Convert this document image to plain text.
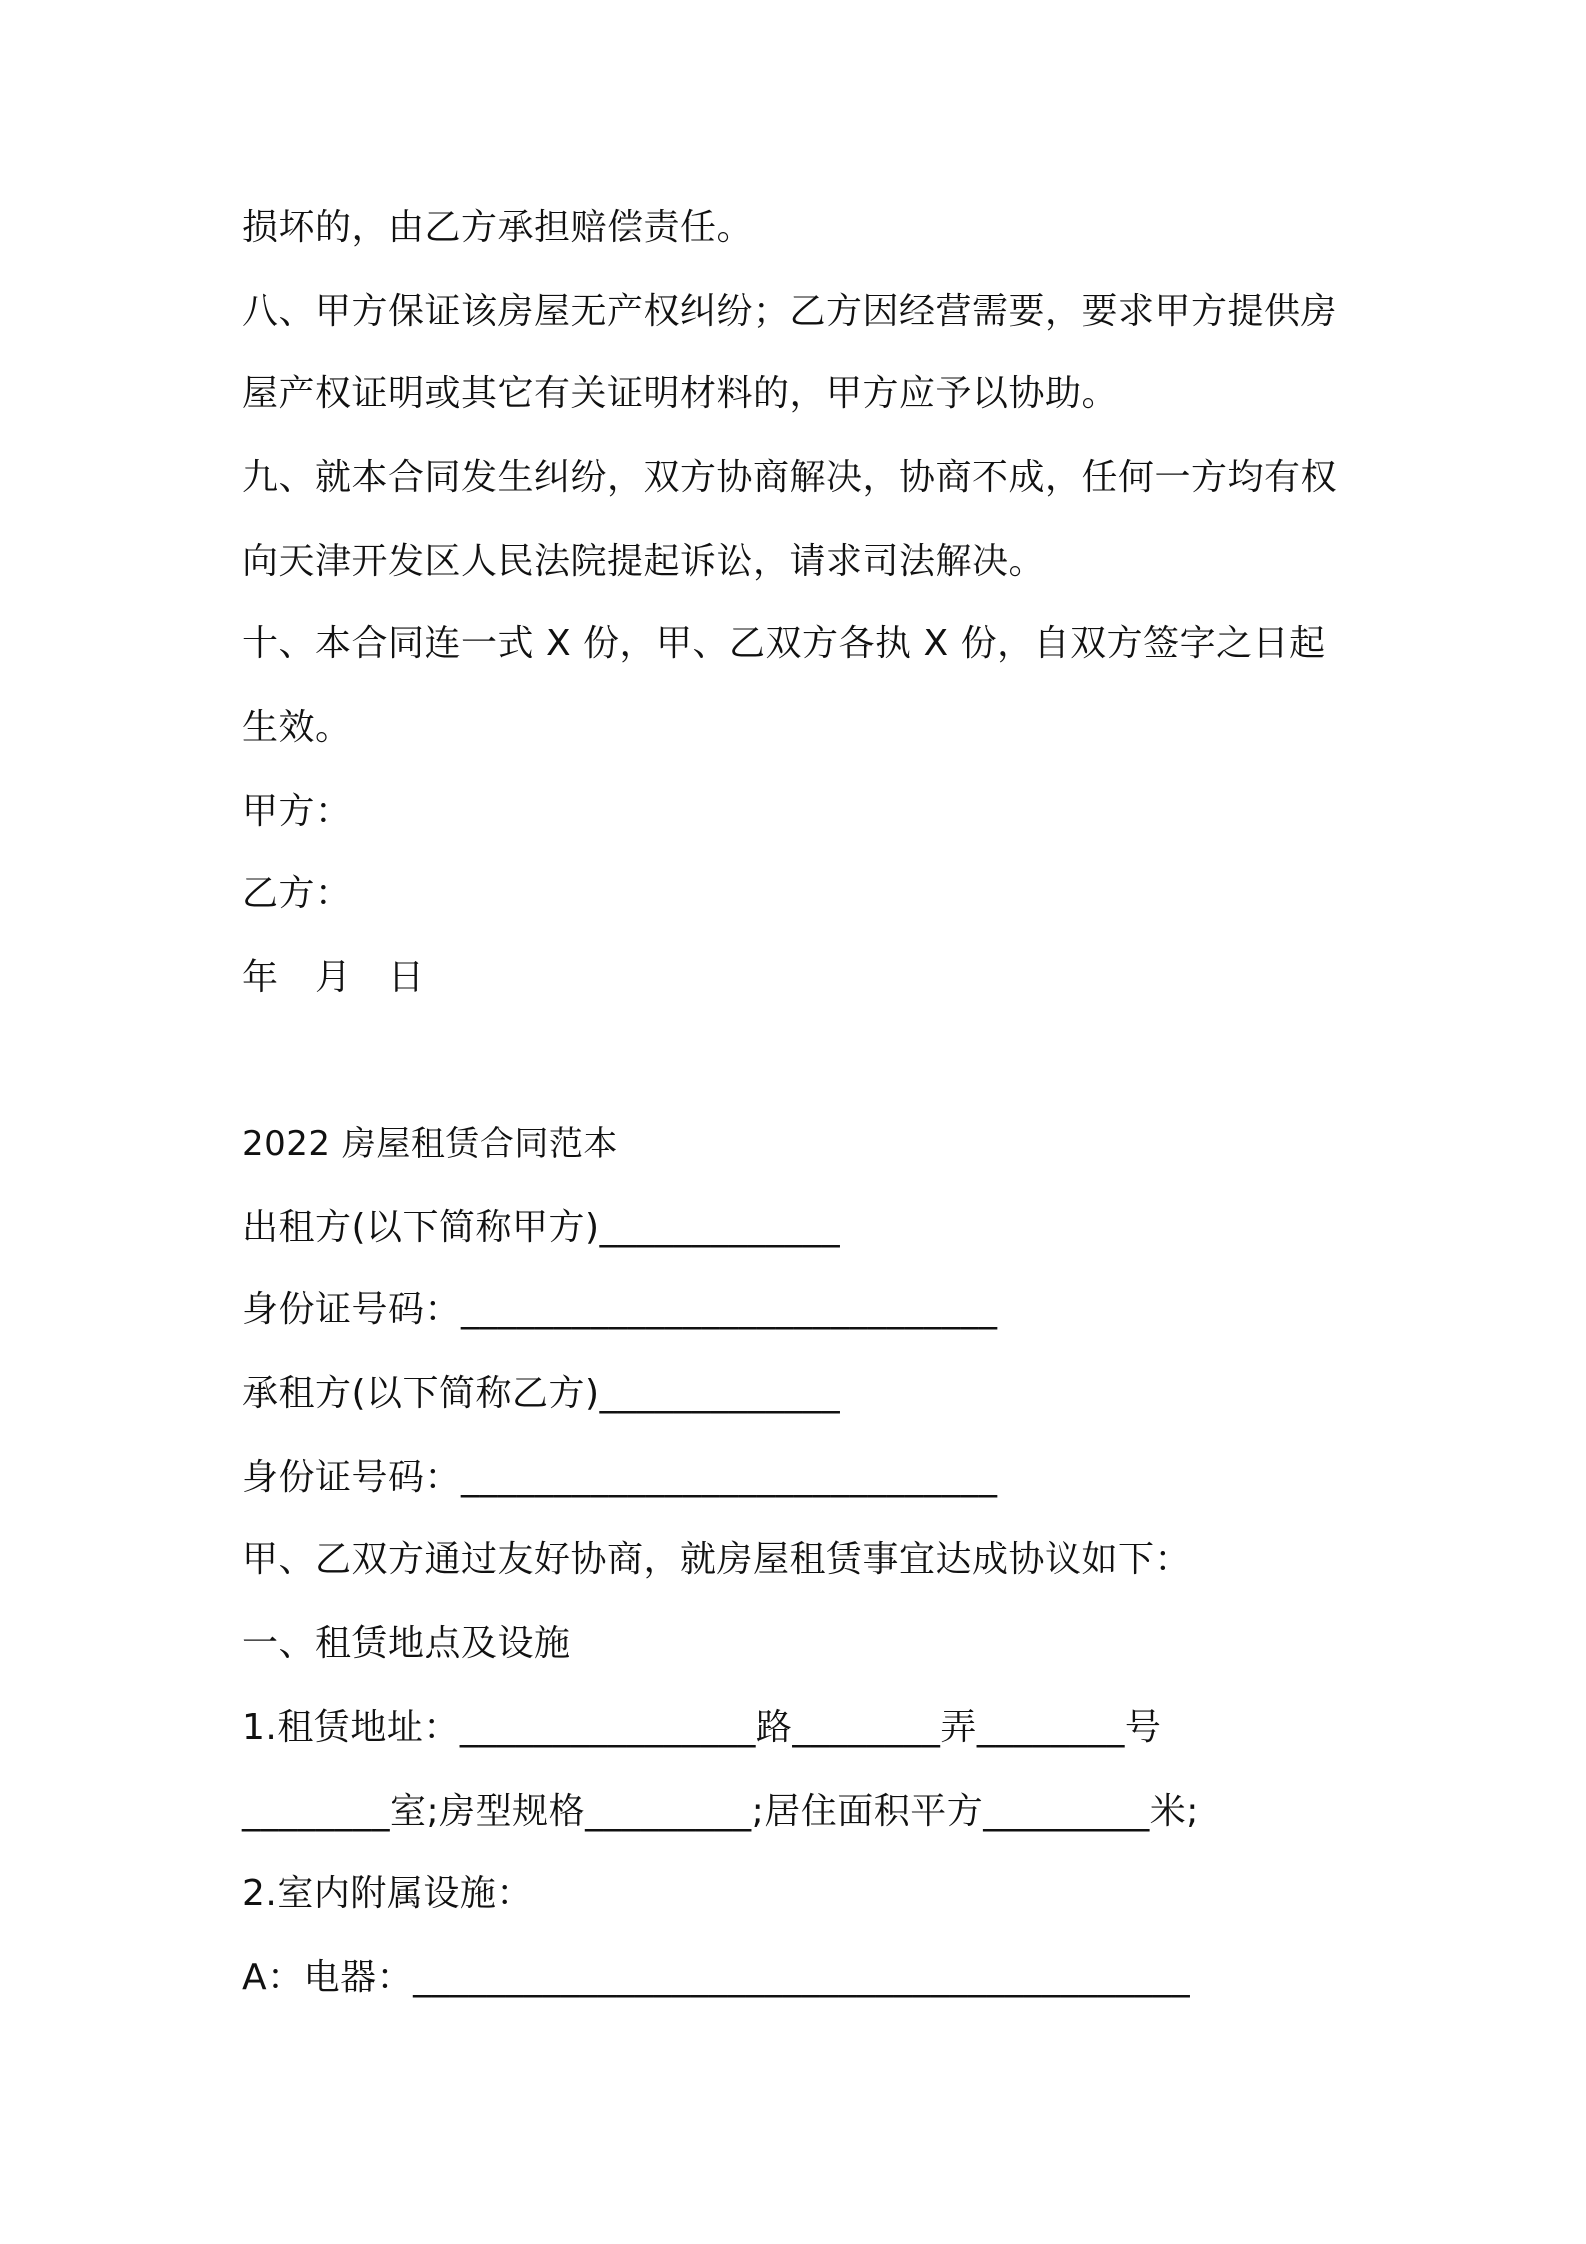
损坏的，由乙方承担赔偿责任。
八、甲方保证该房屋无产权纠纷；乙方因经营需要，要求甲方提供房
屋产权证明或其它有关证明材料的，甲方应予以协助。
九、就本合同发生纠纷，双方协商解决，协商不成，任何一方均有权
向天津开发区人民法院提起诉讼，请求司法解决。
十、本合同连一式 X 份，甲、乙双方各执 X 份，自双方签字之日起
生效。
甲方：
乙方：
年　月　日
2022 房屋租赁合同范本
出租方(以下简称甲方)_____________
身份证号码：_____________________________
承租方(以下简称乙方)_____________
身份证号码：_____________________________
甲、乙双方通过友好协商，就房屋租赁事宜达成协议如下：
一、租赁地点及设施
1.租赁地址：________________路________弄________号
________室;房型规格_________;居住面积平方_________米;
2.室内附属设施：
A：电器：__________________________________________
